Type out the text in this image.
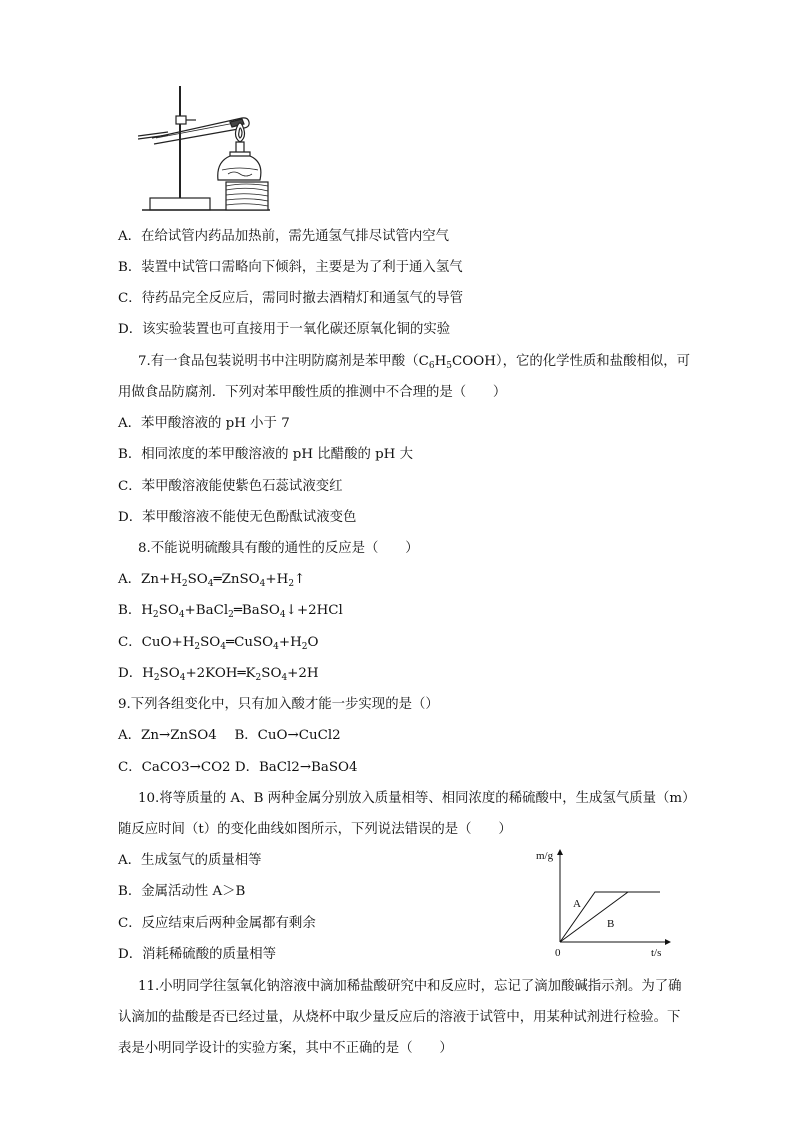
A．在给试管内药品加热前，需先通氢气排尽试管内空气
B．装置中试管口需略向下倾斜，主要是为了利于通入氢气
C．待药品完全反应后，需同时撤去酒精灯和通氢气的导管
D．该实验装置也可直接用于一氧化碳还原氧化铜的实验
7.有一食品包装说明书中注明防腐剂是苯甲酸$(C_6H_5COOH)$，它的化学性质和盐酸相似，可
用做食品防腐剂．下列对苯甲酸性质的推测中不合理的是（　　）
A．苯甲酸溶液的 pH 小于 7
B．相同浓度的苯甲酸溶液的 pH 比醋酸的 pH 大
C．苯甲酸溶液能使紫色石蕊试液变红
D．苯甲酸溶液不能使无色酚酞试液变色
8.不能说明硫酸具有酸的通性的反应是（　　）
A．$Zn+H_2SO_4═ZnSO_4+H_2↑$
B．$H_2SO_4+BaCl_2═BaSO_4↓+2HCl$
C．$CuO+H_2SO_4═CuSO_4+H_2O$
D．$H_2SO_4+2KOH═K_2SO_4+2H$
9.下列各组变化中，只有加入酸才能一步实现的是（）
A．Zn→ZnSO4　 B．CuO→CuCl2
C．CaCO3→CO2 D．BaCl2→BaSO4
10.将等质量的 A、B 两种金属分别放入质量相等、相同浓度的稀硫酸中，生成氢气质量（m）
随反应时间（t）的变化曲线如图所示，下列说法错误的是（　　）
A．生成氢气的质量相等
B．金属活动性 A＞B
C．反应结束后两种金属都有剩余
D．消耗稀硫酸的质量相等
m/g
t/s
0
A
B
11.小明同学往氢氧化钠溶液中滴加稀盐酸研究中和反应时，忘记了滴加酸碱指示剂。为了确
认滴加的盐酸是否已经过量，从烧杯中取少量反应后的溶液于试管中，用某种试剂进行检验。下
表是小明同学设计的实验方案，其中不正确的是（　　）
